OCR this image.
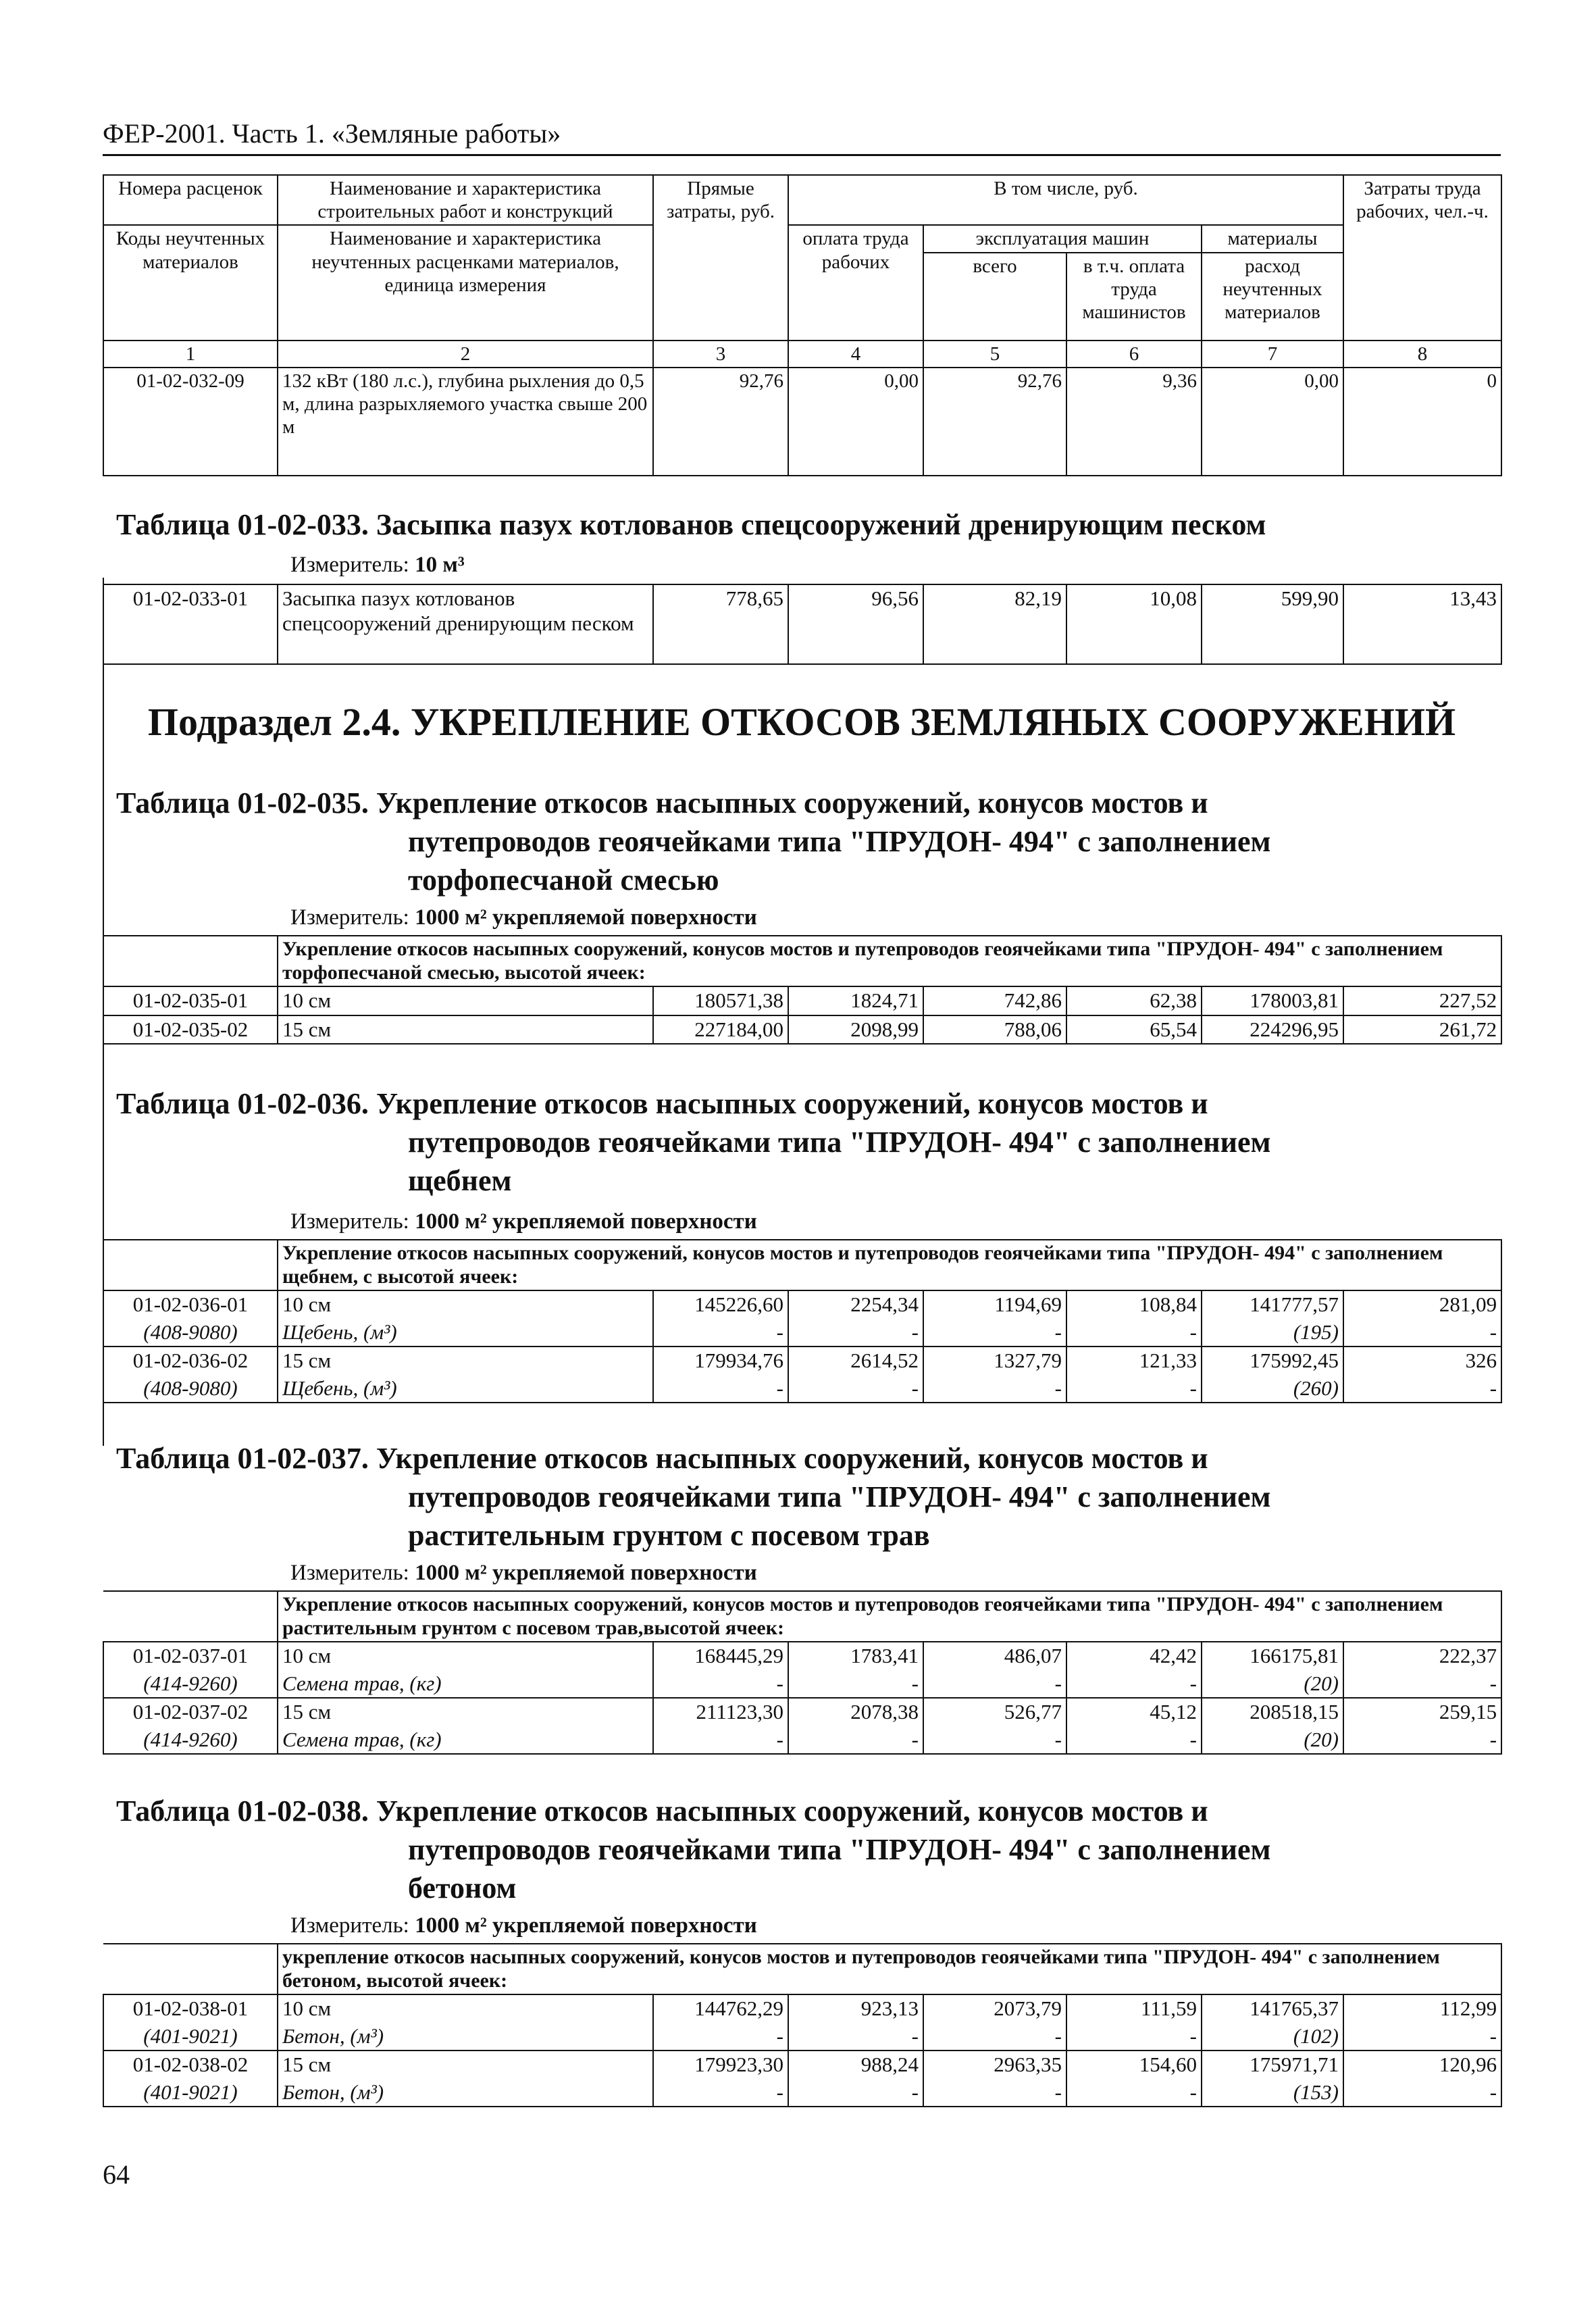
ФЕР-2001. Часть 1. «Земляные работы»
Номера расценок	Наименование и характеристика строительных работ и конструкций	Прямые затраты, руб.	В том числе, руб.				Затраты труда рабочих, чел.-ч.
Коды неучтенных материалов	Наименование и характеристика неучтенных расценками материалов, единица измерения		оплата труда рабочих	эксплуатация машин		материалы	
				всего	в т.ч. оплата труда машинистов	расход неучтенных материалов	
1	2	3	4	5	6	7	8
01-02-032-09	132 кВт (180 л.с.), глубина рыхления до 0,5 м, длина разрыхляемого участка свыше 200 м	92,76	0,00	92,76	9,36	0,00	0
Таблица 01-02-033. Засыпка пазух котлованов спецсооружений дренирующим песком
Измеритель: 10 м³
01-02-033-01	Засыпка пазух котлованов спецсооружений дренирующим песком	778,65	96,56	82,19	10,08	599,90	13,43
Подраздел 2.4. УКРЕПЛЕНИЕ ОТКОСОВ ЗЕМЛЯНЫХ СООРУЖЕНИЙ
Таблица 01-02-035. Укрепление откосов насыпных сооружений, конусов мостов и
путепроводов геоячейками типа "ПРУДОН- 494" с заполнением
торфопесчаной смесью
Измеритель: 1000 м² укрепляемой поверхности
	Укрепление откосов насыпных сооружений, конусов мостов и путепроводов геоячейками типа "ПРУДОН- 494" с заполнением торфопесчаной смесью, высотой ячеек:						
01-02-035-01	10 см	180571,38	1824,71	742,86	62,38	178003,81	227,52
01-02-035-02	15 см	227184,00	2098,99	788,06	65,54	224296,95	261,72
Таблица 01-02-036. Укрепление откосов насыпных сооружений, конусов мостов и
путепроводов геоячейками типа "ПРУДОН- 494" с заполнением
щебнем
Измеритель: 1000 м² укрепляемой поверхности
	Укрепление откосов насыпных сооружений, конусов мостов и путепроводов геоячейками типа "ПРУДОН- 494" с заполнением щебнем, с высотой ячеек:						
01-02-036-01	10 см	145226,60	2254,34	1194,69	108,84	141777,57	281,09
(408-9080)	Щебень, (м³)	-	-	-	-	(195)	-
01-02-036-02	15 см	179934,76	2614,52	1327,79	121,33	175992,45	326
(408-9080)	Щебень, (м³)	-	-	-	-	(260)	-
Таблица 01-02-037. Укрепление откосов насыпных сооружений, конусов мостов и
путепроводов геоячейками типа "ПРУДОН- 494" с заполнением
растительным грунтом с посевом трав
Измеритель: 1000 м² укрепляемой поверхности
	Укрепление откосов насыпных сооружений, конусов мостов и путепроводов геоячейками типа "ПРУДОН- 494" с заполнением растительным грунтом с посевом трав,высотой ячеек:						
01-02-037-01	10 см	168445,29	1783,41	486,07	42,42	166175,81	222,37
(414-9260)	Семена трав, (кг)	-	-	-	-	(20)	-
01-02-037-02	15 см	211123,30	2078,38	526,77	45,12	208518,15	259,15
(414-9260)	Семена трав, (кг)	-	-	-	-	(20)	-
Таблица 01-02-038. Укрепление откосов насыпных сооружений, конусов мостов и
путепроводов геоячейками типа "ПРУДОН- 494" с заполнением
бетоном
Измеритель: 1000 м² укрепляемой поверхности
	укрепление откосов насыпных сооружений, конусов мостов и путепроводов геоячейками типа "ПРУДОН- 494" с заполнением бетоном, высотой ячеек:						
01-02-038-01	10 см	144762,29	923,13	2073,79	111,59	141765,37	112,99
(401-9021)	Бетон, (м³)	-	-	-	-	(102)	-
01-02-038-02	15 см	179923,30	988,24	2963,35	154,60	175971,71	120,96
(401-9021)	Бетон, (м³)	-	-	-	-	(153)	-
64
